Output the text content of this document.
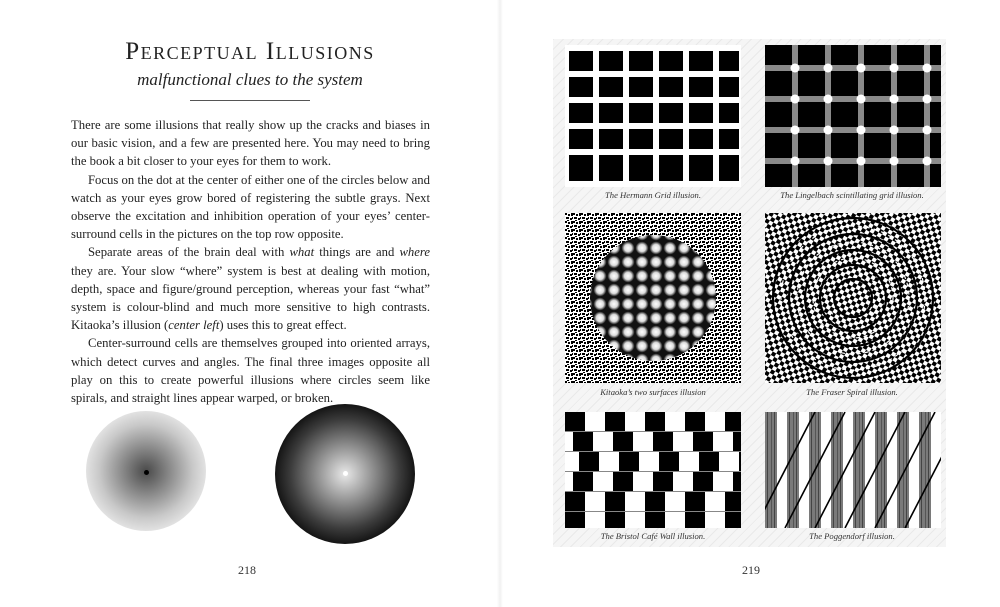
Perceptual Illusions
malfunctional clues to the system

There are some illusions that really show up the cracks and biases in our basic vision, and a few are presented here. You may need to bring the book a bit closer to your eyes for them to work.

Focus on the dot at the center of either one of the circles below and watch as your eyes grow bored of registering the subtle grays. Next observe the excitation and inhibition operation of your eyes’ center-surround cells in the pictures on the top row opposite.

Separate areas of the brain deal with what things are and where they are. Your slow “where” system is best at dealing with motion, depth, space and figure/ground perception, whereas your fast “what” system is colour-blind and much more sensitive to high contrasts. Kitaoka’s illusion (center left) uses this to great effect.

Center-surround cells are themselves grouped into oriented arrays, which detect curves and angles. The final three images opposite all play on this to create powerful illusions where circles seem like spirals, and straight lines appear warped, or broken.

218	219
The Hermann Grid illusion.	The Lingelbach scintillating grid illusion.
Kitaoka’s two surfaces illusion	The Fraser Spiral illusion.
The Bristol Café Wall illusion.	The Poggendorf illusion.
